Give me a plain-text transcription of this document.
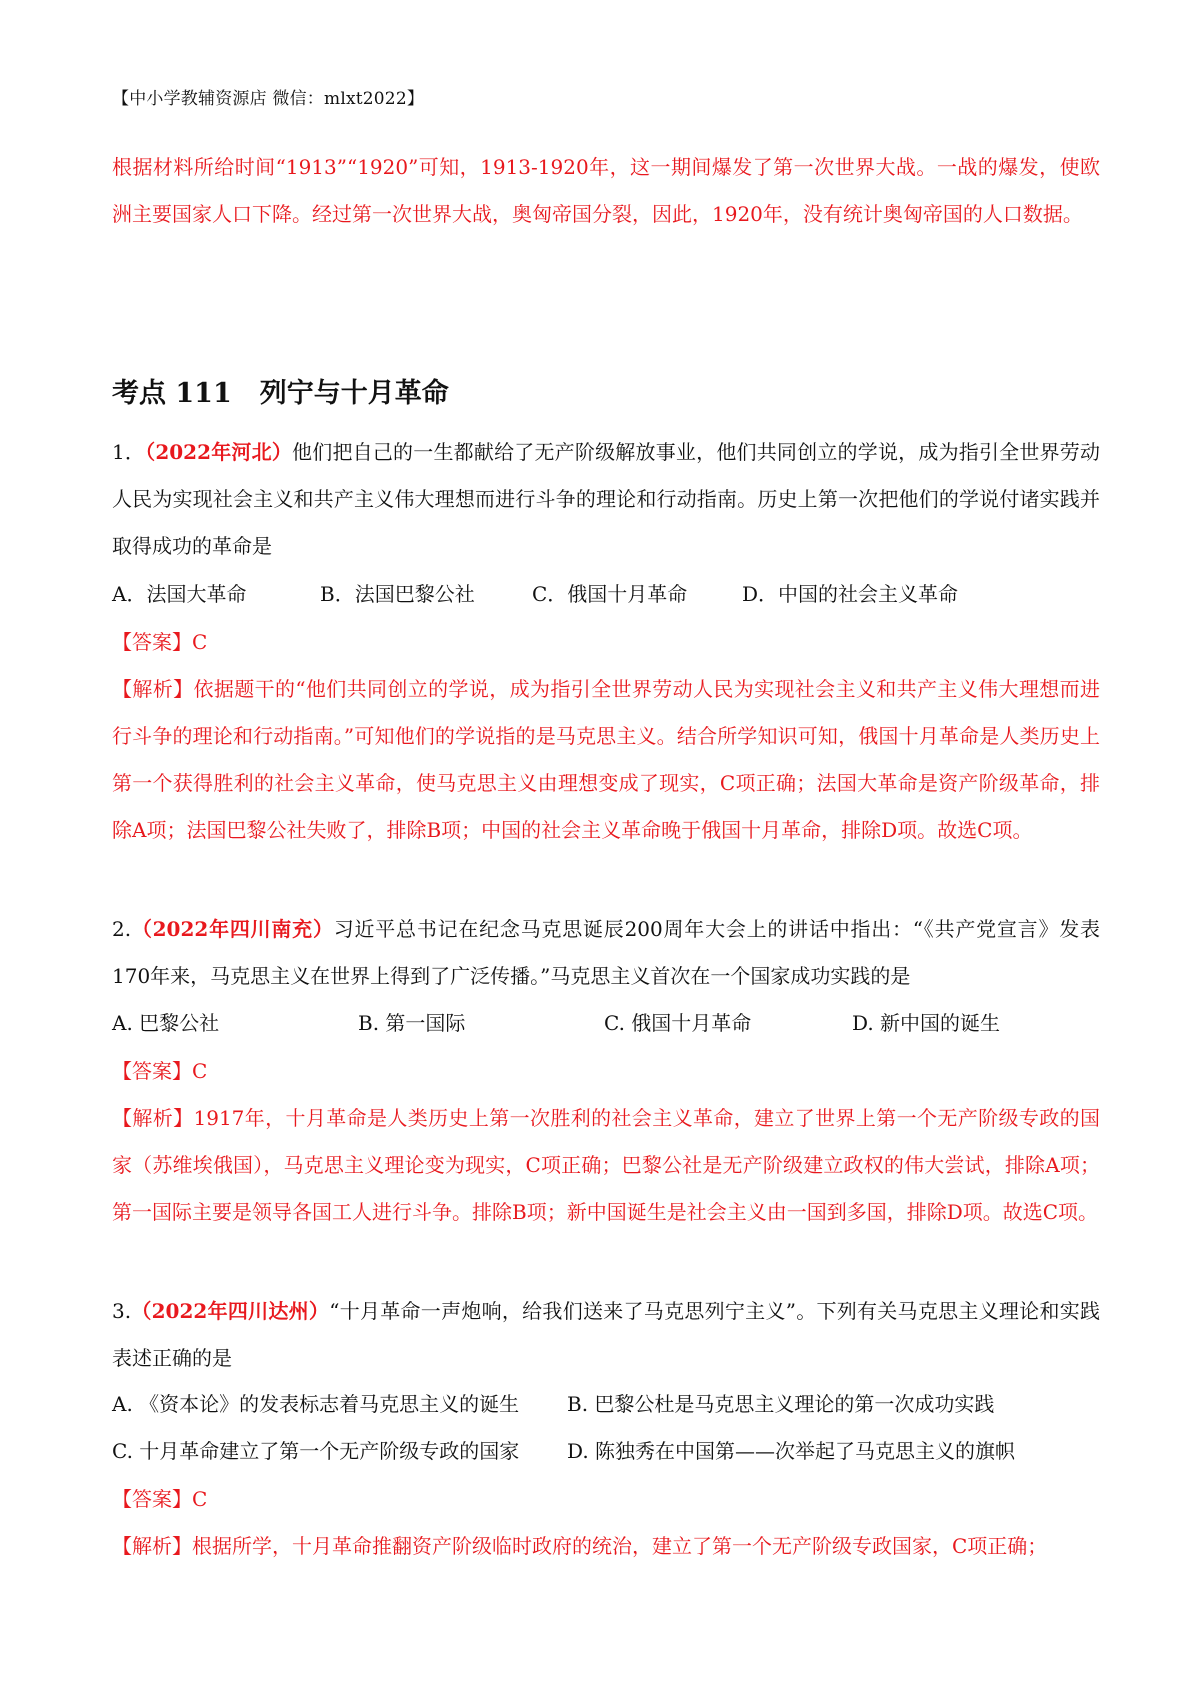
【中小学教辅资源店 微信：mlxt2022】
根据材料所给时间“1913”“1920”可知，1913-1920年，这一期间爆发了第一次世界大战。一战的爆发，使欧洲主要国家人口下降。经过第一次世界大战，奥匈帝国分裂，因此，1920年，没有统计奥匈帝国的人口数据。
考点 111 列宁与十月革命
1．（2022年河北）他们把自己的一生都献给了无产阶级解放事业，他们共同创立的学说，成为指引全世界劳动人民为实现社会主义和共产主义伟大理想而进行斗争的理论和行动指南。历史上第一次把他们的学说付诸实践并取得成功的革命是
A．法国大革命	B．法国巴黎公社	C．俄国十月革命	D．中国的社会主义革命
【答案】C
【解析】依据题干的“他们共同创立的学说，成为指引全世界劳动人民为实现社会主义和共产主义伟大理想而进行斗争的理论和行动指南。”可知他们的学说指的是马克思主义。结合所学知识可知，俄国十月革命是人类历史上第一个获得胜利的社会主义革命，使马克思主义由理想变成了现实，C项正确；法国大革命是资产阶级革命，排除A项；法国巴黎公社失败了，排除B项；中国的社会主义革命晚于俄国十月革命，排除D项。故选C项。
2.（2022年四川南充）习近平总书记在纪念马克思诞辰200周年大会上的讲话中指出：“《共产党宣言》发表170年来，马克思主义在世界上得到了广泛传播。”马克思主义首次在一个国家成功实践的是
A. 巴黎公社	B. 第一国际	C. 俄国十月革命	D. 新中国的诞生
【答案】C
【解析】1917年，十月革命是人类历史上第一次胜利的社会主义革命，建立了世界上第一个无产阶级专政的国家（苏维埃俄国），马克思主义理论变为现实，C项正确；巴黎公社是无产阶级建立政权的伟大尝试，排除A项；第一国际主要是领导各国工人进行斗争。排除B项；新中国诞生是社会主义由一国到多国，排除D项。故选C项。
3.（2022年四川达州）“十月革命一声炮响，给我们送来了马克思列宁主义”。下列有关马克思主义理论和实践表述正确的是
A. 《资本论》的发表标志着马克思主义的诞生 B. 巴黎公杜是马克思主义理论的第一次成功实践
C. 十月革命建立了第一个无产阶级专政的国家 D. 陈独秀在中国第——次举起了马克思主义的旗帜
【答案】C
【解析】根据所学，十月革命推翻资产阶级临时政府的统治，建立了第一个无产阶级专政国家，C项正确；
